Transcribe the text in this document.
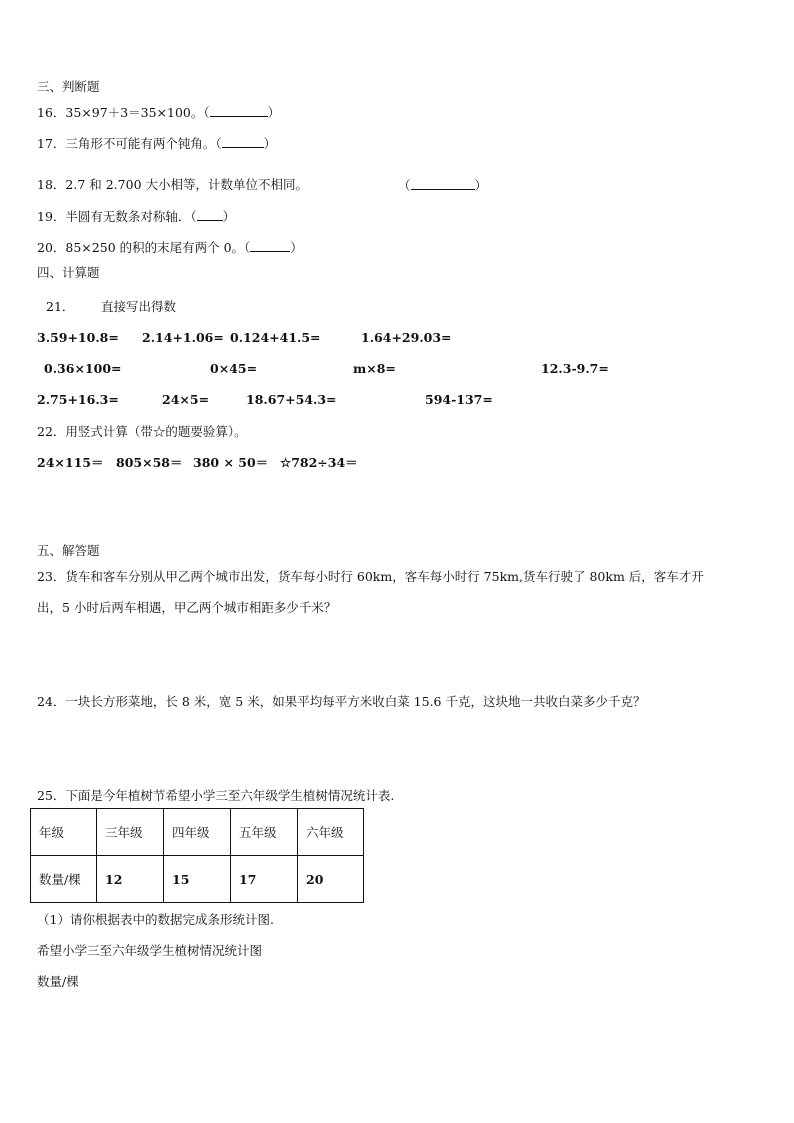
三、判断题
16．35×97＋3＝35×100。（	）
17．三角形不可能有两个钝角。（	）
18．2.7 和 2.700 大小相等，计数单位不相同。	（	）
19．半圆有无数条对称轴．（ ）
20．85×250 的积的末尾有两个 0。（	）
四、计算题
21． 直接写出得数
3.59+10.8= 2.14+1.06= 0.124+41.5=	1.64+29.03=
0.36×100=	0×45=	m×8=	12.3-9.7=
2.75+16.3=	24×5=	18.67+54.3=	594-137=
22．用竖式计算（带☆的题要验算）。
24×115＝ 805×58＝ 380 × 50＝ ☆782÷34＝
五、解答题
23．货车和客车分别从甲乙两个城市出发，货车每小时行 60km，客车每小时行 75km,货车行驶了 80km 后，客车才开
出，5 小时后两车相遇，甲乙两个城市相距多少千米？
24．一块长方形菜地，长 8 米，宽 5 米，如果平均每平方米收白菜 15.6 千克，这块地一共收白菜多少千克？
25．下面是今年植树节希望小学三至六年级学生植树情况统计表.
年级	三年级	四年级	五年级	六年级
数量/棵	12	15	17	20
（1）请你根据表中的数据完成条形统计图.
希望小学三至六年级学生植树情况统计图
数量/棵
